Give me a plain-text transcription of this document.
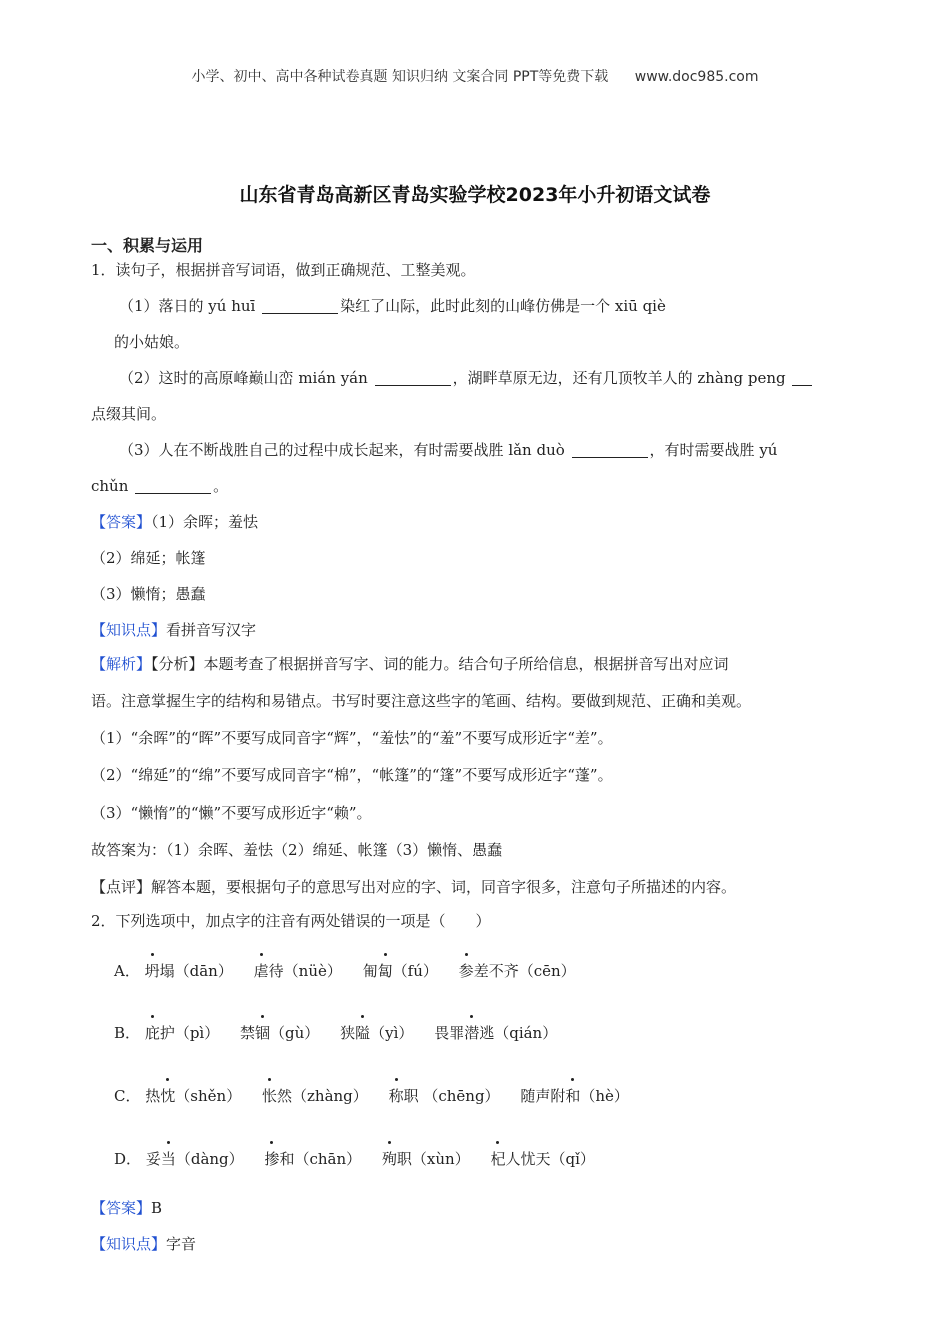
小学、初中、高中各种试卷真题 知识归纳 文案合同 PPT等免费下载 www.doc985.com
山东省青岛高新区青岛实验学校2023年小升初语文试卷
一、积累与运用
1．读句子，根据拼音写词语，做到正确规范、工整美观。
（1）落日的 yú huī	染红了山际，此时此刻的山峰仿佛是一个 xiū qiè
的小姑娘。
（2）这时的高原峰巅山峦 mián yán	，湖畔草原无边，还有几顶牧羊人的 zhàng peng
点缀其间。
（3）人在不断战胜自己的过程中成长起来，有时需要战胜 lǎn duò	，有时需要战胜 yú
chǔn	。
【答案】（1）余晖；羞怯
（2）绵延；帐篷
（3）懒惰；愚蠢
【知识点】看拼音写汉字
【解析】【分析】本题考查了根据拼音写字、词的能力。结合句子所给信息，根据拼音写出对应词
语。注意掌握生字的结构和易错点。书写时要注意这些字的笔画、结构。要做到规范、正确和美观。
（1）“余晖”的“晖”不要写成同音字“辉”，“羞怯”的“羞”不要写成形近字“差”。
（2）“绵延”的“绵”不要写成同音字“棉”，“帐篷”的“篷”不要写成形近字“蓬”。
（3）“懒惰”的“懒”不要写成形近字“赖”。
故答案为：（1）余晖、羞怯（2）绵延、帐篷（3）懒惰、愚蠢
【点评】解答本题，要根据句子的意思写出对应的字、词，同音字很多，注意句子所描述的内容。
2．下列选项中，加点字的注音有两处错误的一项是（　　）
A． 坍塌（dān） 虐待（nüè） 匍匐（fú） 参差不齐（cēn）
B． 庇护（pì） 禁锢（gù） 狭隘（yì） 畏罪潜逃（qián）
C． 热忱（shěn） 怅然（zhàng） 称职 （chēng） 随声附和（hè）
D． 妥当（dàng） 掺和（chān） 殉职（xùn） 杞人忧天（qǐ）
【答案】B
【知识点】字音
